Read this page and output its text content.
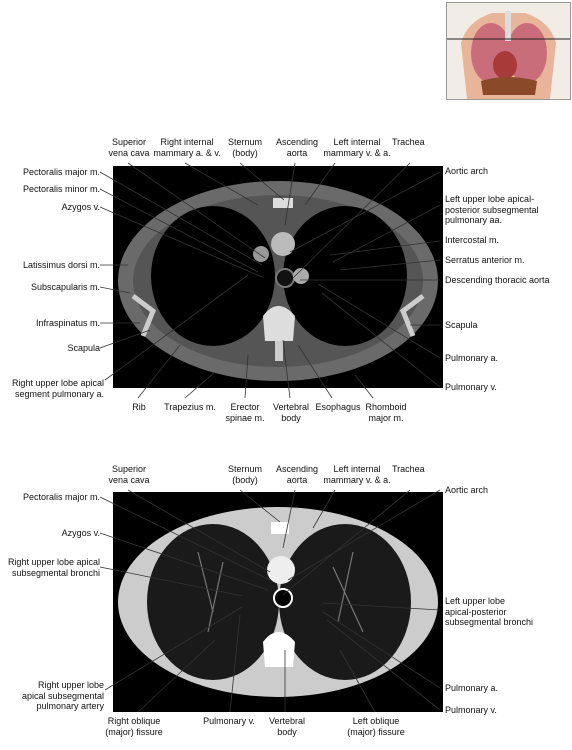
Superior
vena cava
Right internal
mammary a. & v.
Sternum
(body)
Ascending
aorta
Left internal
mammary v. & a.
Trachea
Pectoralis major m.
Pectoralis minor m.
Azygos v.
Latissimus dorsi m.
Subscapularis m.
Infraspinatus m.
Scapula
Right upper lobe apical
segment pulmonary a.
Rib	Trapezius m.	Erector
spinae m.
Vertebral
body
Esophagus Rhomboid
major m.
Aortic arch
Left upper lobe apical-
posterior subsegmental
pulmonary aa.
Intercostal m.
Serratus anterior m.
Descending thoracic aorta
Scapula
Pulmonary a.
Pulmonary v.
Superior
vena cava
Sternum
(body)
Ascending
aorta
Left internal
mammary v. & a.
Trachea
Pectoralis major m.
Azygos v.
Right upper lobe apical
subsegmental bronchi
Right upper lobe
apical subsegmental
pulmonary artery
Right oblique
(major) fissure
Pulmonary v.	Vertebral
body
Left oblique
(major) fissure
Aortic arch
Left upper lobe
apical-posterior
subsegmental bronchi
Pulmonary a.
Pulmonary v.
